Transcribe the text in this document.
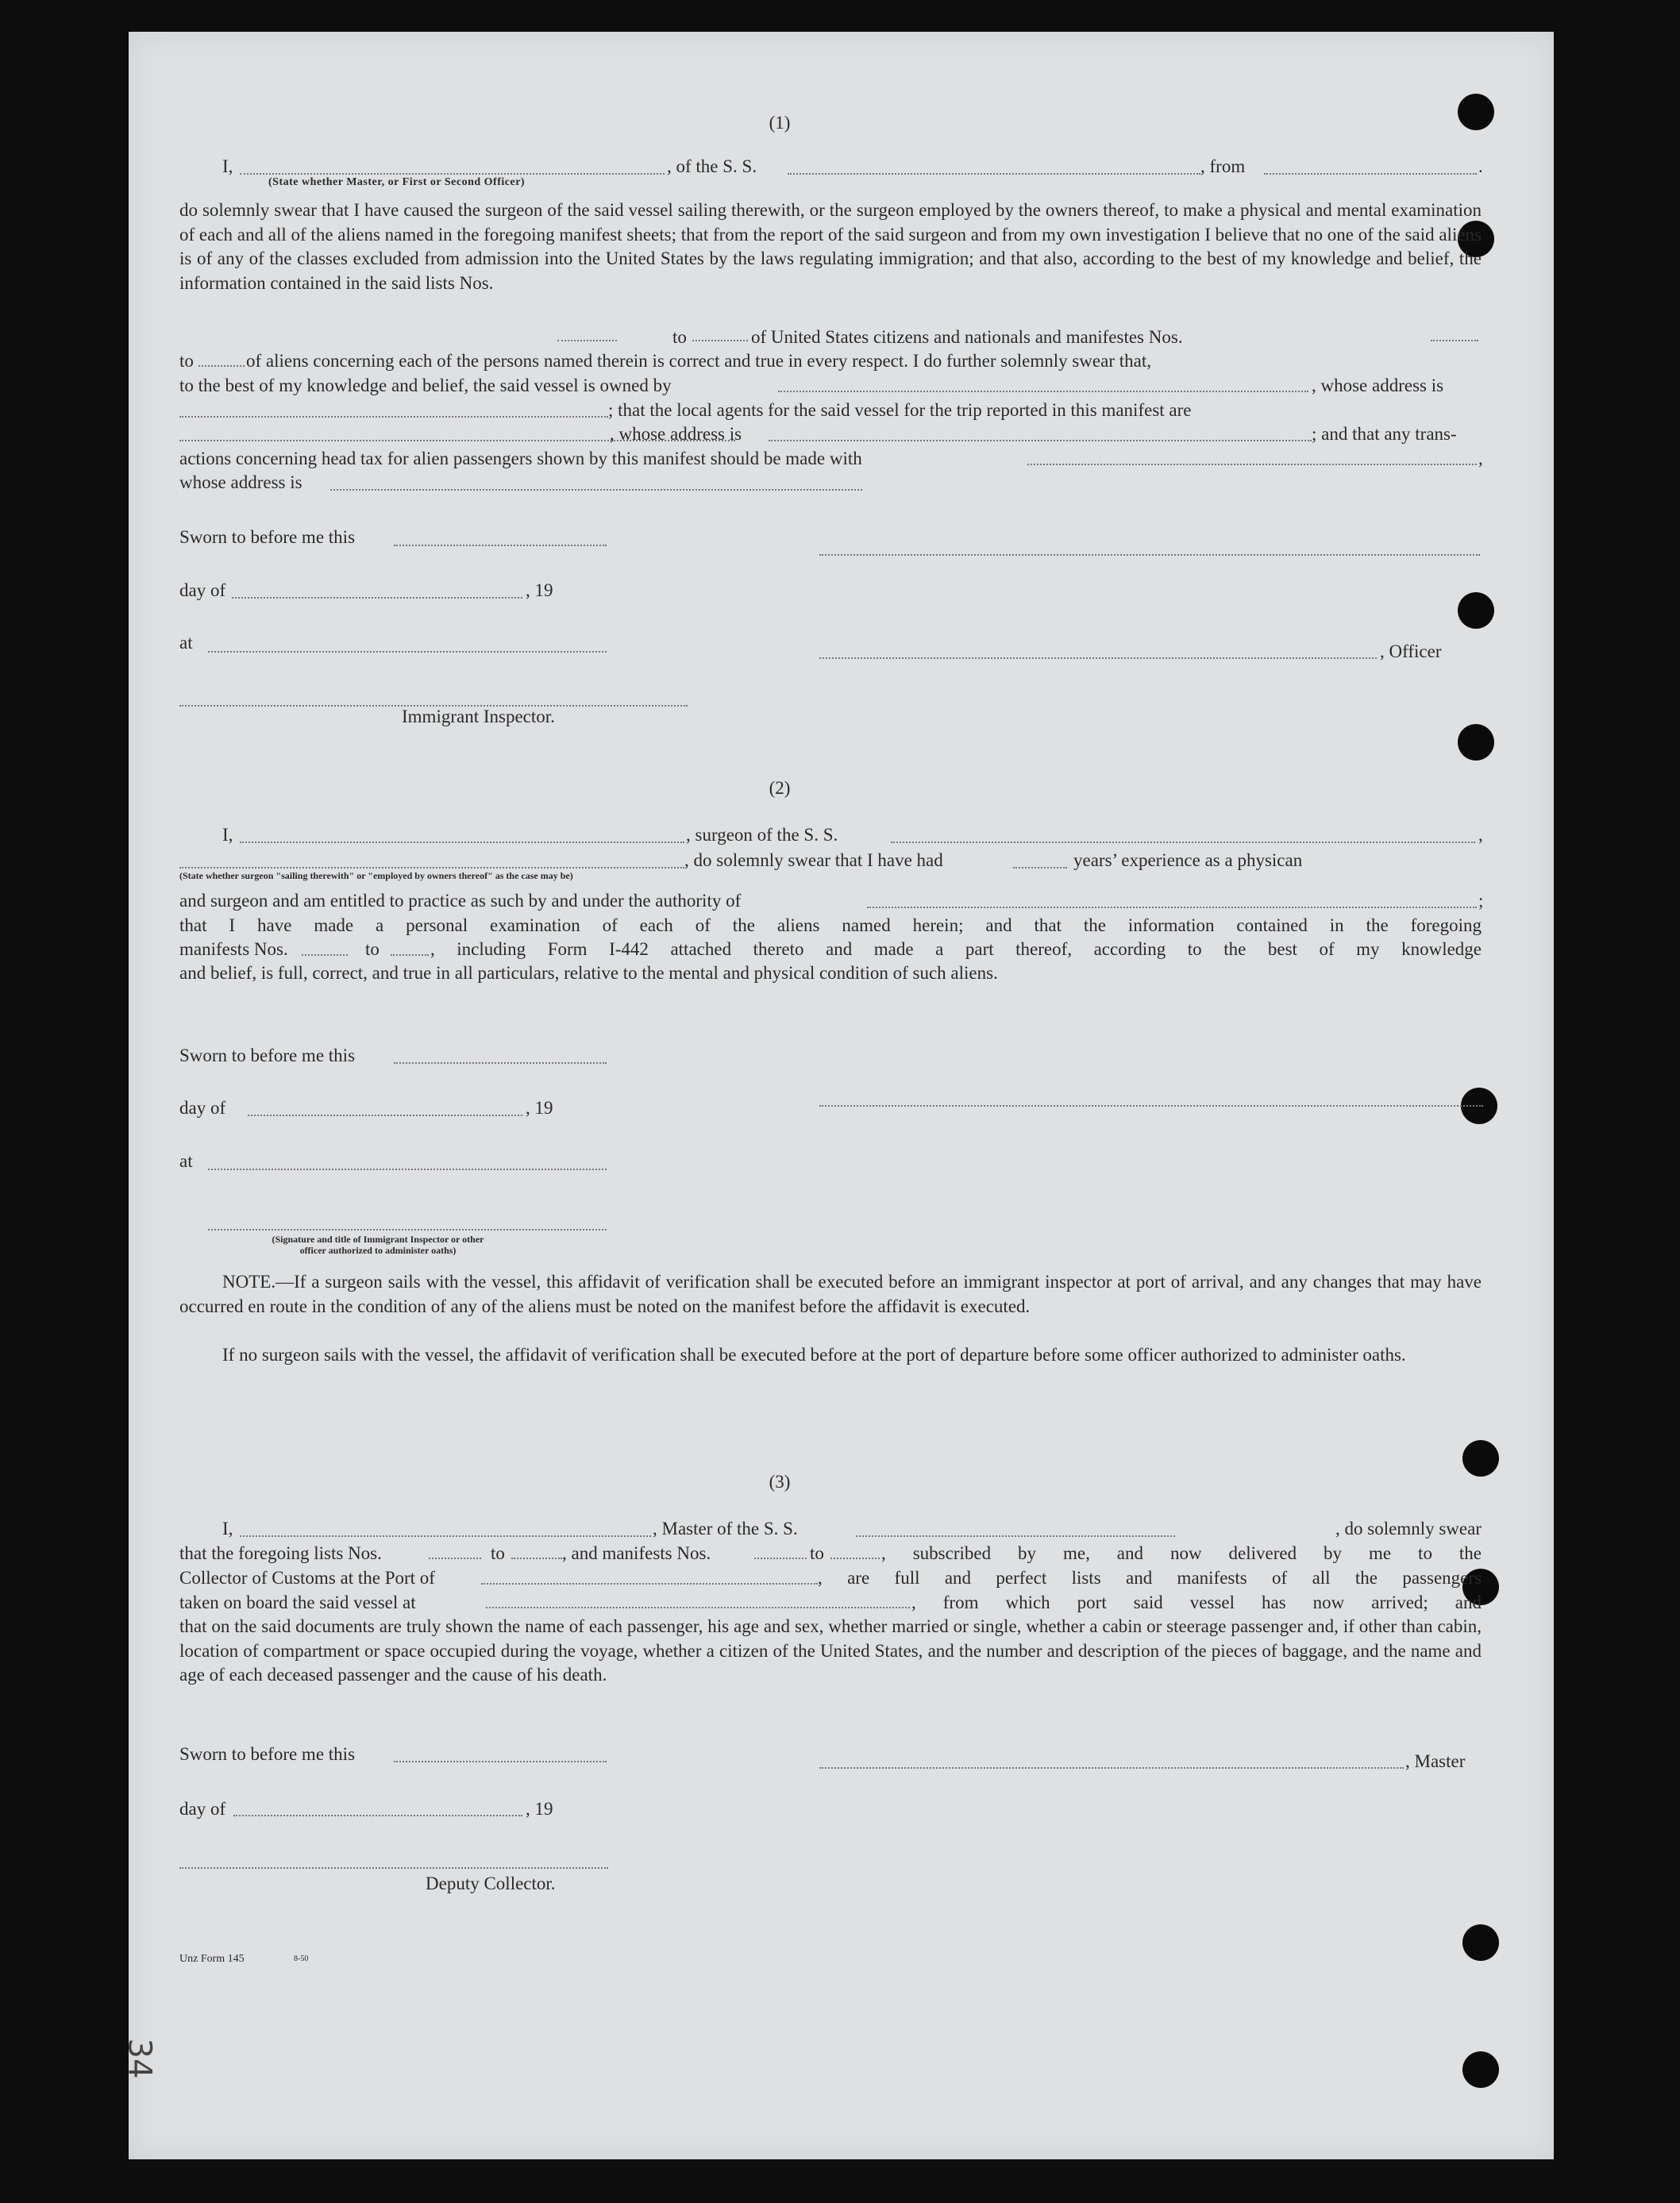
(1)
I,	, of the S. S.	, from	.
(State whether Master, or First or Second Officer)
do solemnly swear that I have caused the surgeon of the said vessel sailing therewith, or the surgeon employed by the owners thereof, to make a physical and mental examination of each and all of the aliens named in the foregoing manifest sheets; that from the report of the said surgeon and from my own investigation I believe that no one of the said aliens is of any of the classes excluded from admission into the United States by the laws regulating immigration; and that also, according to the best of my knowledge and belief, the information contained in the said lists Nos.
to	of United States citizens and nationals and manifestes Nos.
to	of aliens concerning each of the persons named therein is correct and true in every respect. I do further solemnly swear that,
to the best of my knowledge and belief, the said vessel is owned by	, whose address is
; that the local agents for the said vessel for the trip reported in this manifest are
, whose address is	; and that any trans-
actions concerning head tax for alien passengers shown by this manifest should be made with	,
whose address is
Sworn to before me this
day of	, 19
at	, Officer
Immigrant Inspector.
(2)
I,	, surgeon of the S. S.	,
, do solemnly swear that I have had	years’ experience as a physican
(State whether surgeon "sailing therewith" or "employed by owners thereof" as the case may be)
and surgeon and am entitled to practice as such by and under the authority of	;
that I have made a personal examination of each of the aliens named herein; and that the information contained in the foregoing
manifests Nos.	to	, including Form I-442 attached thereto and made a part thereof, according to the best of my knowledge
and belief, is full, correct, and true in all particulars, relative to the mental and physical condition of such aliens.
Sworn to before me this
day of	, 19
at
(Signature and title of Immigrant Inspector or other
officer authorized to administer oaths)
NOTE.—If a surgeon sails with the vessel, this affidavit of verification shall be executed before an immigrant inspector at port of arrival, and any changes that may have occurred en route in the condition of any of the aliens must be noted on the manifest before the affidavit is executed.
If no surgeon sails with the vessel, the affidavit of verification shall be executed before at the port of departure before some officer authorized to administer oaths.
(3)
I,	, Master of the S. S.	, do solemnly swear
that the foregoing lists Nos.	to	, and manifests Nos.	to	, subscribed by me, and now delivered by me to the
Collector of Customs at the Port of	, are full and perfect lists and manifests of all the passengers
taken on board the said vessel at	, from which port said vessel has now arrived; and
that on the said documents are truly shown the name of each passenger, his age and sex, whether married or single, whether a cabin or steerage passenger and, if other than cabin, location of compartment or space occupied during the voyage, whether a citizen of the United States, and the number and description of the pieces of baggage, and the name and age of each deceased passenger and the cause of his death.
Sworn to before me this	, Master
day of	, 19
Deputy Collector.
Unz Form 145	8-50
34
